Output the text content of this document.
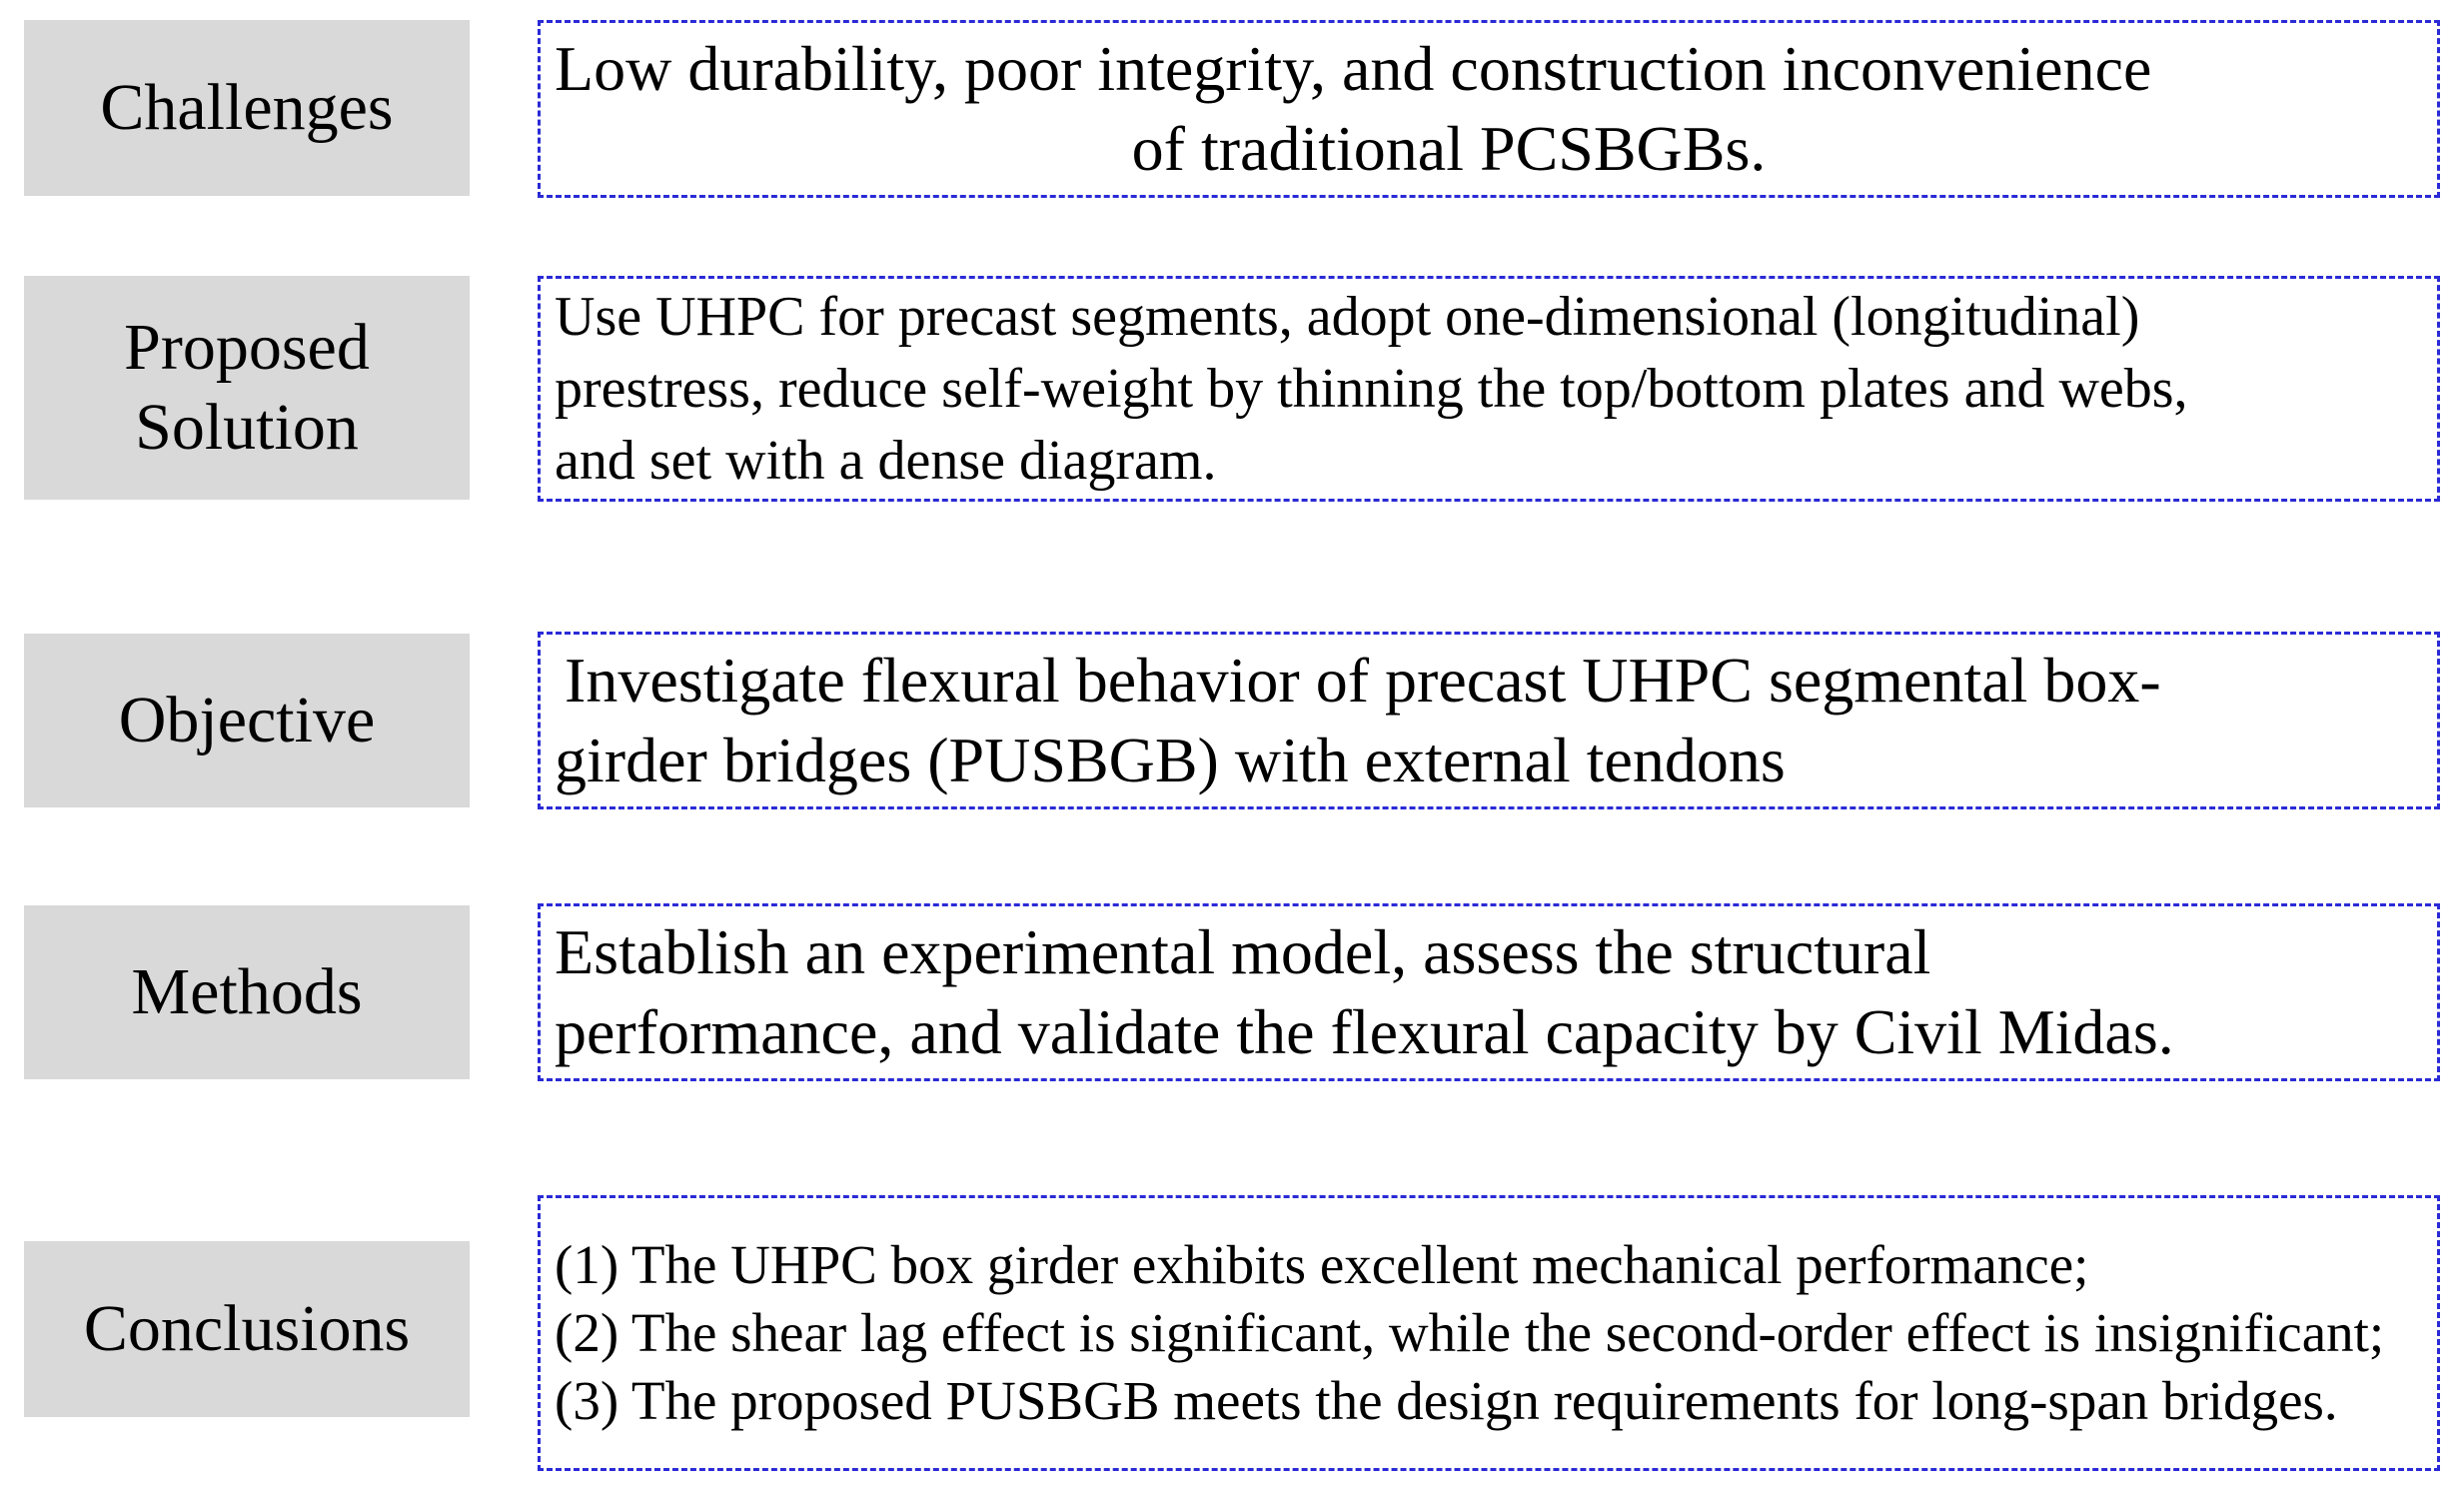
Challenges
Low durability, poor integrity, and construction inconvenience
of traditional PCSBGBs.
Proposed
Solution
Use UHPC for precast segments, adopt one-dimensional (longitudinal)
prestress, reduce self-weight by thinning the top/bottom plates and webs,
and set with a dense diagram.
Objective
Investigate flexural behavior of precast UHPC segmental box-
girder bridges (PUSBGB) with external tendons
Methods
Establish an experimental model, assess the structural
performance, and validate the flexural capacity by Civil Midas.
Conclusions
(1) The UHPC box girder exhibits excellent mechanical performance;
(2) The shear lag effect is significant, while the second-order effect is insignificant;
(3) The proposed PUSBGB meets the design requirements for long-span bridges.
